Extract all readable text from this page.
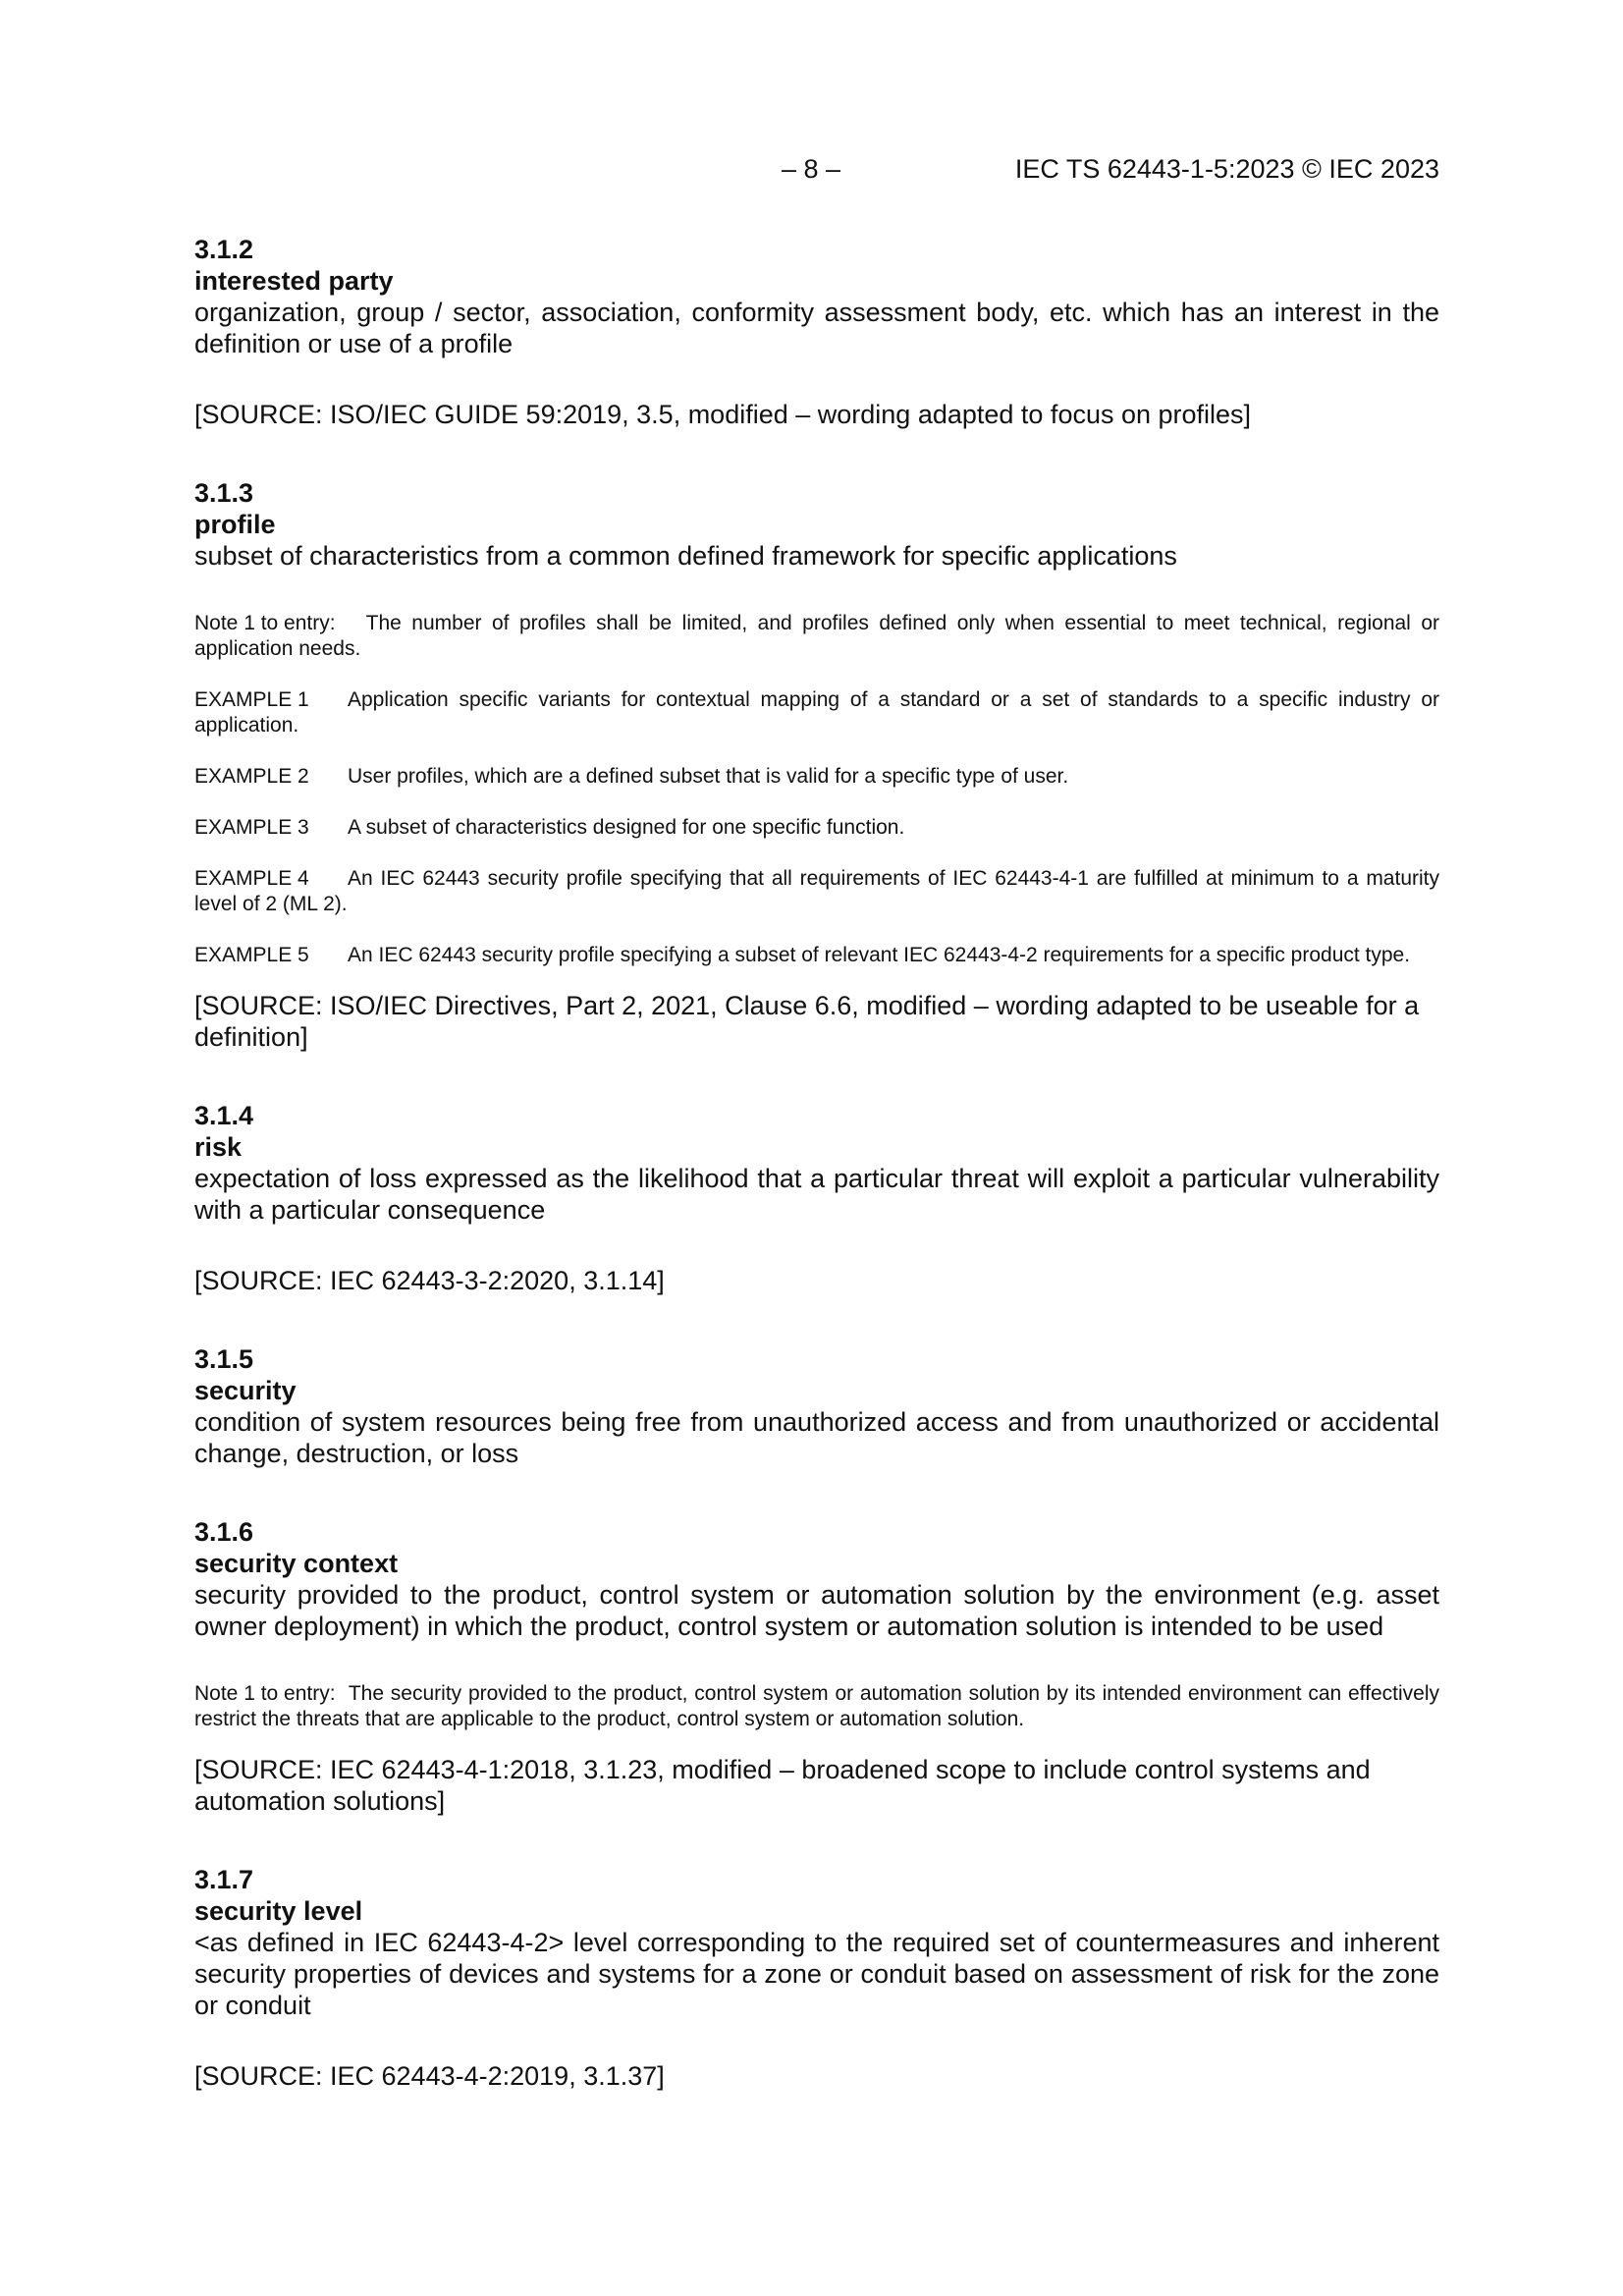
– 8 –	IEC TS 62443-1-5:2023 © IEC 2023

3.1.2

interested party

organization, group / sector, association, conformity assessment body, etc. which has an interest in the definition or use of a profile

[SOURCE: ISO/IEC GUIDE 59:2019, 3.5, modified – wording adapted to focus on profiles]

3.1.3

profile

subset of characteristics from a common defined framework for specific applications

Note 1 to entry: The number of profiles shall be limited, and profiles defined only when essential to meet technical, regional or application needs.

EXAMPLE 1 Application specific variants for contextual mapping of a standard or a set of standards to a specific industry or application.

EXAMPLE 2 User profiles, which are a defined subset that is valid for a specific type of user.

EXAMPLE 3 A subset of characteristics designed for one specific function.

EXAMPLE 4 An IEC 62443 security profile specifying that all requirements of IEC 62443-4-1 are fulfilled at minimum to a maturity level of 2 (ML 2).

EXAMPLE 5 An IEC 62443 security profile specifying a subset of relevant IEC 62443-4-2 requirements for a specific product type.

[SOURCE: ISO/IEC Directives, Part 2, 2021, Clause 6.6, modified – wording adapted to be useable for a definition]

3.1.4

risk

expectation of loss expressed as the likelihood that a particular threat will exploit a particular vulnerability with a particular consequence

[SOURCE: IEC 62443-3-2:2020, 3.1.14]

3.1.5

security

condition of system resources being free from unauthorized access and from unauthorized or accidental change, destruction, or loss

3.1.6

security context

security provided to the product, control system or automation solution by the environment (e.g. asset owner deployment) in which the product, control system or automation solution is intended to be used

Note 1 to entry: The security provided to the product, control system or automation solution by its intended environment can effectively restrict the threats that are applicable to the product, control system or automation solution.

[SOURCE: IEC 62443-4-1:2018, 3.1.23, modified – broadened scope to include control systems and automation solutions]

3.1.7

security level

<as defined in IEC 62443-4-2> level corresponding to the required set of countermeasures and inherent security properties of devices and systems for a zone or conduit based on assessment of risk for the zone or conduit

[SOURCE: IEC 62443-4-2:2019, 3.1.37]
